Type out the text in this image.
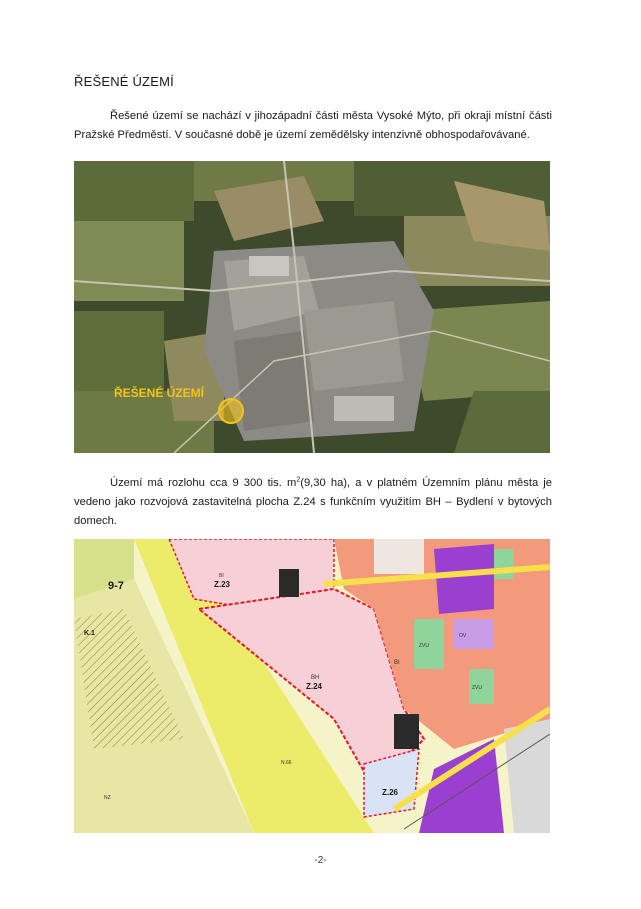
ŘEŠENÉ ÚZEMÍ
Řešené území se nachází v jihozápadní části města Vysoké Mýto, při okraji místní části Pražské Předměstí. V současné době je území zemědělsky intenzivně obhospodařovávané.
ŘEŠENÉ ÚZEMÍ
Území má rozlohu cca 9 300 tis. $m^2(9,30$ ha), a v platném Územním plánu města je vedeno jako rozvojová zastavitelná plocha Z.24 s funkčním využitím BH – Bydlení v bytových domech.
9-7	Z.23
Z.24
Z.26
BI
BI
BH
ZVU
ZVU
OV
K.1
N.66
NZ
-2-
